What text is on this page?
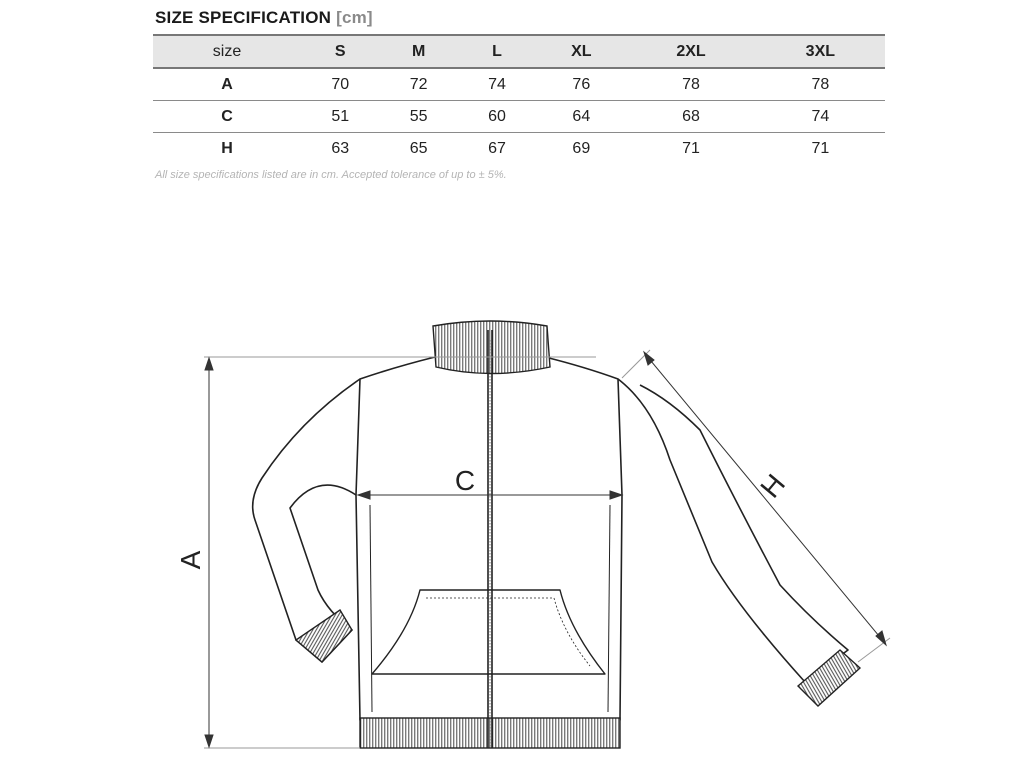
SIZE SPECIFICATION [cm]
size	S	M	L	XL	2XL	3XL
A	70	72	74	76	78	78
C	51	55	60	64	68	74
H	63	65	67	69	71	71
All size specifications listed are in cm. Accepted tolerance of up to ± 5%.
A
C	H
